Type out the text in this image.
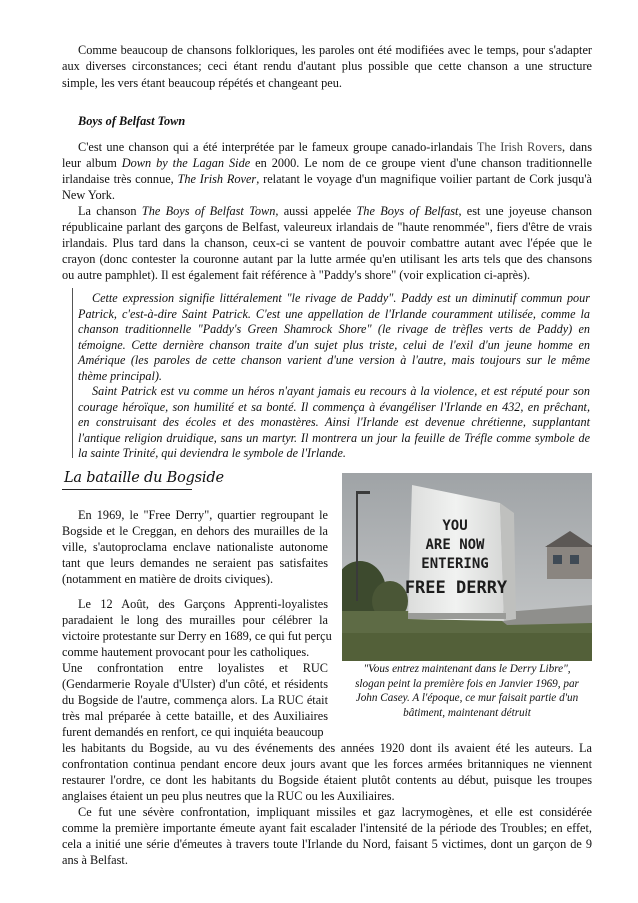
Comme beaucoup de chansons folkloriques, les paroles ont été modifiées avec le temps, pour s'adapter
aux diverses circonstances; ceci étant rendu d'autant plus possible que cette chanson a une structure
simple, les vers étant beaucoup répétés et changeant peu.
Boys of Belfast Town
C'est une chanson qui a été interprétée par le fameux groupe canado-irlandais The Irish Rovers, dans
leur album Down by the Lagan Side en 2000. Le nom de ce groupe vient d'une chanson traditionnelle
irlandaise très connue, The Irish Rover, relatant le voyage d'un magnifique voilier partant de Cork jusqu'à
New York.
La chanson The Boys of Belfast Town, aussi appelée The Boys of Belfast, est une joyeuse chanson
républicaine parlant des garçons de Belfast, valeureux irlandais de "haute renommée", fiers d'être de vrais
irlandais. Plus tard dans la chanson, ceux-ci se vantent de pouvoir combattre autant avec l'épée que le
crayon (donc contester la couronne autant par la lutte armée qu'en utilisant les arts tels que des chansons
ou autre pamphlet). Il est également fait référence à "Paddy's shore" (voir explication ci-après).
Cette expression signifie littéralement "le rivage de Paddy". Paddy est un diminutif commun pour
Patrick, c'est-à-dire Saint Patrick. C'est une appellation de l'Irlande couramment utilisée, comme la
chanson traditionnelle "Paddy's Green Shamrock Shore" (le rivage de trèfles verts de Paddy) en
témoigne. Cette dernière chanson traite d'un sujet plus triste, celui de l'exil d'un jeune homme en
Amérique (les paroles de cette chanson varient d'une version à l'autre, mais toujours sur le même
thème principal).
Saint Patrick est vu comme un héros n'ayant jamais eu recours à la violence, et est réputé pour son
courage héroïque, son humilité et sa bonté. Il commença à évangéliser l'Irlande en 432, en prêchant,
en construisant des écoles et des monastères. Ainsi l'Irlande est devenue chrétienne, supplantant
l'antique religion druidique, sans un martyr. Il montrera un jour la feuille de Tréfle comme symbole de
la sainte Trinité, qui deviendra le symbole de l'Irlande.
La bataille du Bogside
En 1969, le "Free Derry", quartier regroupant le
Bogside et le Creggan, en dehors des murailles de la
ville, s'autoproclama enclave nationaliste autonome
tant que leurs demandes ne seraient pas satisfaites
(notamment en matière de droits civiques).
Le 12 Août, des Garçons Apprenti-loyalistes
paradaient le long des murailles pour célébrer la
victoire protestante sur Derry en 1689, ce qui fut perçu
comme hautement provocant pour les catholiques.
Une confrontation entre loyalistes et RUC
(Gendarmerie Royale d'Ulster) d'un côté, et résidents
du Bogside de l'autre, commença alors. La RUC était
très mal préparée à cette bataille, et des Auxiliaires
furent demandés en renfort, ce qui inquiéta beaucoup
YOU
ARE NOW
ENTERING
FREE DERRY
"Vous entrez maintenant dans le Derry Libre",
slogan peint la première fois en Janvier 1969, par
John Casey. A l'époque, ce mur faisait partie d'un
bâtiment, maintenant détruit
les habitants du Bogside, au vu des événements des années 1920 dont ils avaient été les auteurs. La
confrontation continua pendant encore deux jours avant que les forces armées britanniques ne viennent
restaurer l'ordre, ce dont les habitants du Bogside étaient plutôt contents au début, puisque les troupes
anglaises étaient un peu plus neutres que la RUC ou les Auxiliaires.
Ce fut une sévère confrontation, impliquant missiles et gaz lacrymogènes, et elle est considérée
comme la première importante émeute ayant fait escalader l'intensité de la période des Troubles; en effet,
cela a initié une série d'émeutes à travers toute l'Irlande du Nord, faisant 5 victimes, dont un garçon de 9
ans à Belfast.
